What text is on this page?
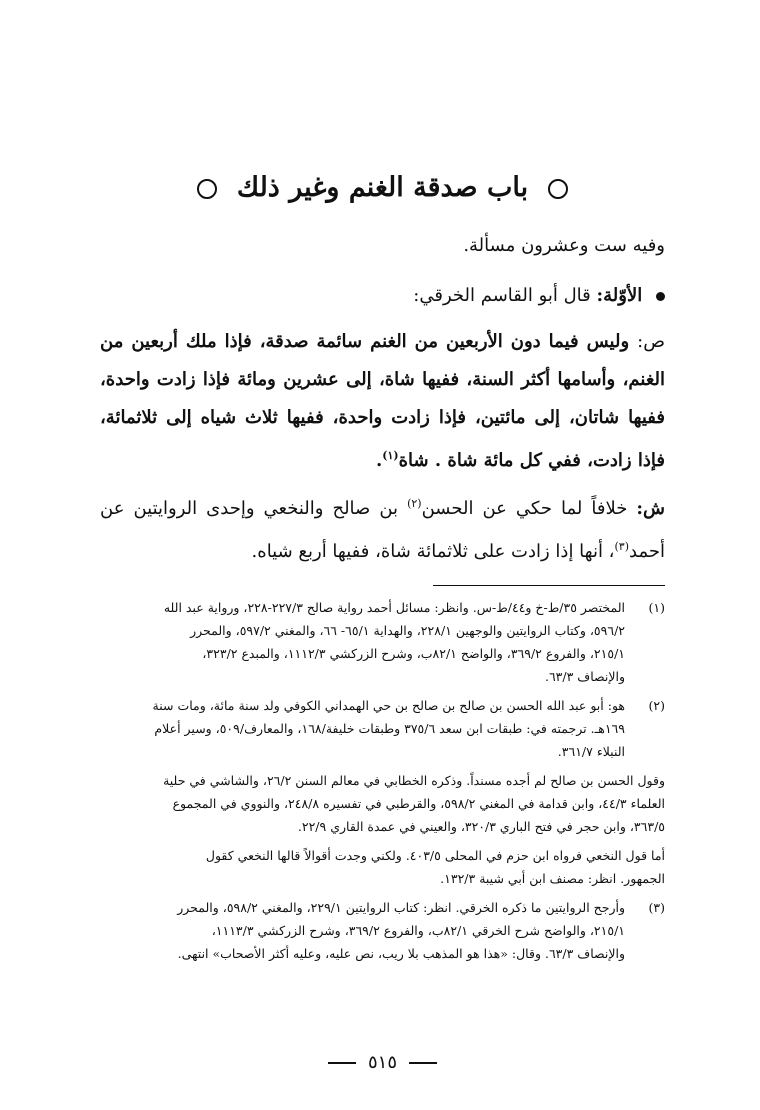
باب صدقة الغنم وغير ذلك
وفيه ست وعشرون مسألة.
الأوّلة: قال أبو القاسم الخرقي:
ص: وليس فيما دون الأربعين من الغنم سائمة صدقة، فإذا ملك أربعين من الغنم، وأسامها أكثر السنة، ففيها شاة، إلى عشرين ومائة فإذا زادت واحدة، ففيها شاتان، إلى مائتين، فإذا زادت واحدة، ففيها ثلاث شياه إلى ثلاثمائة، فإذا زادت، ففي كل مائة شاة . شاة$^{(١)}$.
ش: خلافاً لما حكي عن الحسن$^{(٢)}$ بن صالح والنخعي وإحدى الروايتين عن أحمد$^{(٣)}$، أنها إذا زادت على ثلاثمائة شاة، ففيها أربع شياه.
(١)
المختصر ٣٥/ط-خ و٤٤/ط-س. وانظر: مسائل أحمد رواية صالح ٢٢٧/٣-٢٢٨، ورواية عبد الله
٥٩٦/٢، وكتاب الروايتين والوجهين ٢٢٨/١، والهداية ٦٥/١- ٦٦، والمغني ٥٩٧/٢، والمحرر
٢١٥/١، والفروع ٣٦٩/٢، والواضح ٨٢/١ب، وشرح الزركشي ١١١٢/٣، والمبدع ٣٢٣/٢،
والإنصاف ٦٣/٣.
(٢)
هو: أبو عبد الله الحسن بن صالح بن صالح بن حي الهمداني الكوفي ولد سنة مائة، ومات سنة
١٦٩هـ. ترجمته في: طبقات ابن سعد ٣٧٥/٦ وطبقات خليفة/١٦٨، والمعارف/٥٠٩، وسير أعلام
النبلاء ٣٦١/٧.
وقول الحسن بن صالح لم أجده مسنداً. وذكره الخطابي في معالم السنن ٢٦/٢، والشاشي في حلية
العلماء ٤٤/٣، وابن قدامة في المغني ٥٩٨/٢، والقرطبي في تفسيره ٢٤٨/٨، والنووي في المجموع
٣٦٣/٥، وابن حجر في فتح الباري ٣٢٠/٣، والعيني في عمدة القاري ٢٢/٩.
أما قول النخعي فرواه ابن حزم في المحلى ٤٠٣/٥. ولكني وجدت أقوالاً قالها النخعي كقول
الجمهور. انظر: مصنف ابن أبي شيبة ١٣٢/٣.
(٣)
وأرجح الروايتين ما ذكره الخرقي. انظر: كتاب الروايتين ٢٢٩/١، والمغني ٥٩٨/٢، والمحرر
٢١٥/١، والواضح شرح الخرقي ٨٢/١ب، والفروع ٣٦٩/٢، وشرح الزركشي ١١١٣/٣،
والإنصاف ٦٣/٣. وقال: «هذا هو المذهب بلا ريب، نص عليه، وعليه أكثر الأصحاب» انتهى.
٥١٥
